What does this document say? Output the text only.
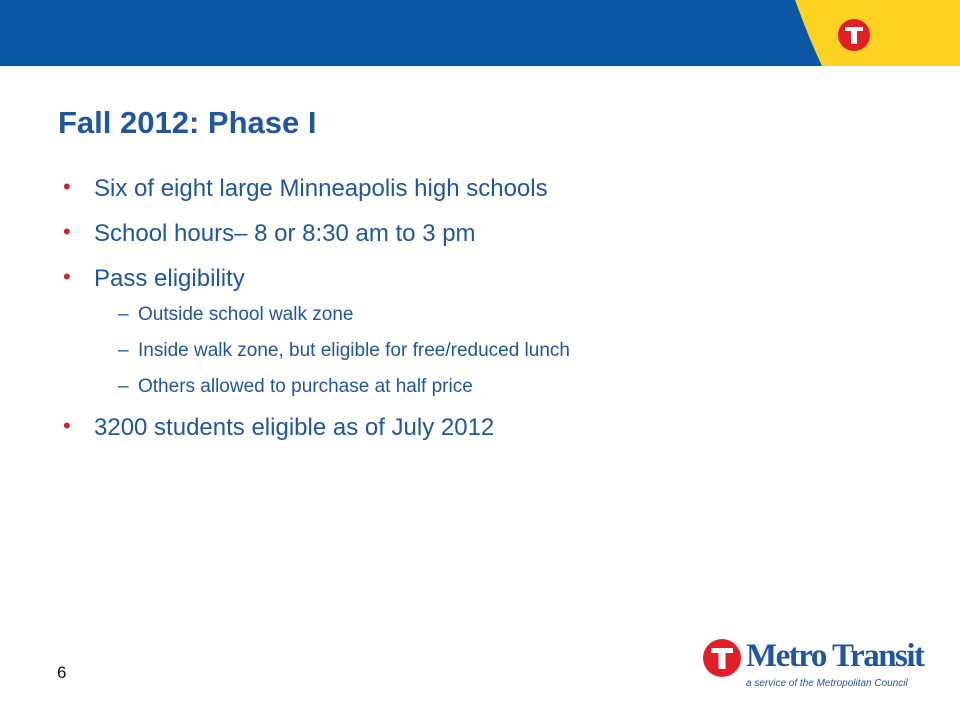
Fall 2012: Phase I
• Six of eight large Minneapolis high schools
• School hours– 8 or 8:30 am to 3 pm
• Pass eligibility
– Outside school walk zone
– Inside walk zone, but eligible for free/reduced lunch
– Others allowed to purchase at half price
• 3200 students eligible as of July 2012
6	Metro Transit
a service of the Metropolitan Council
